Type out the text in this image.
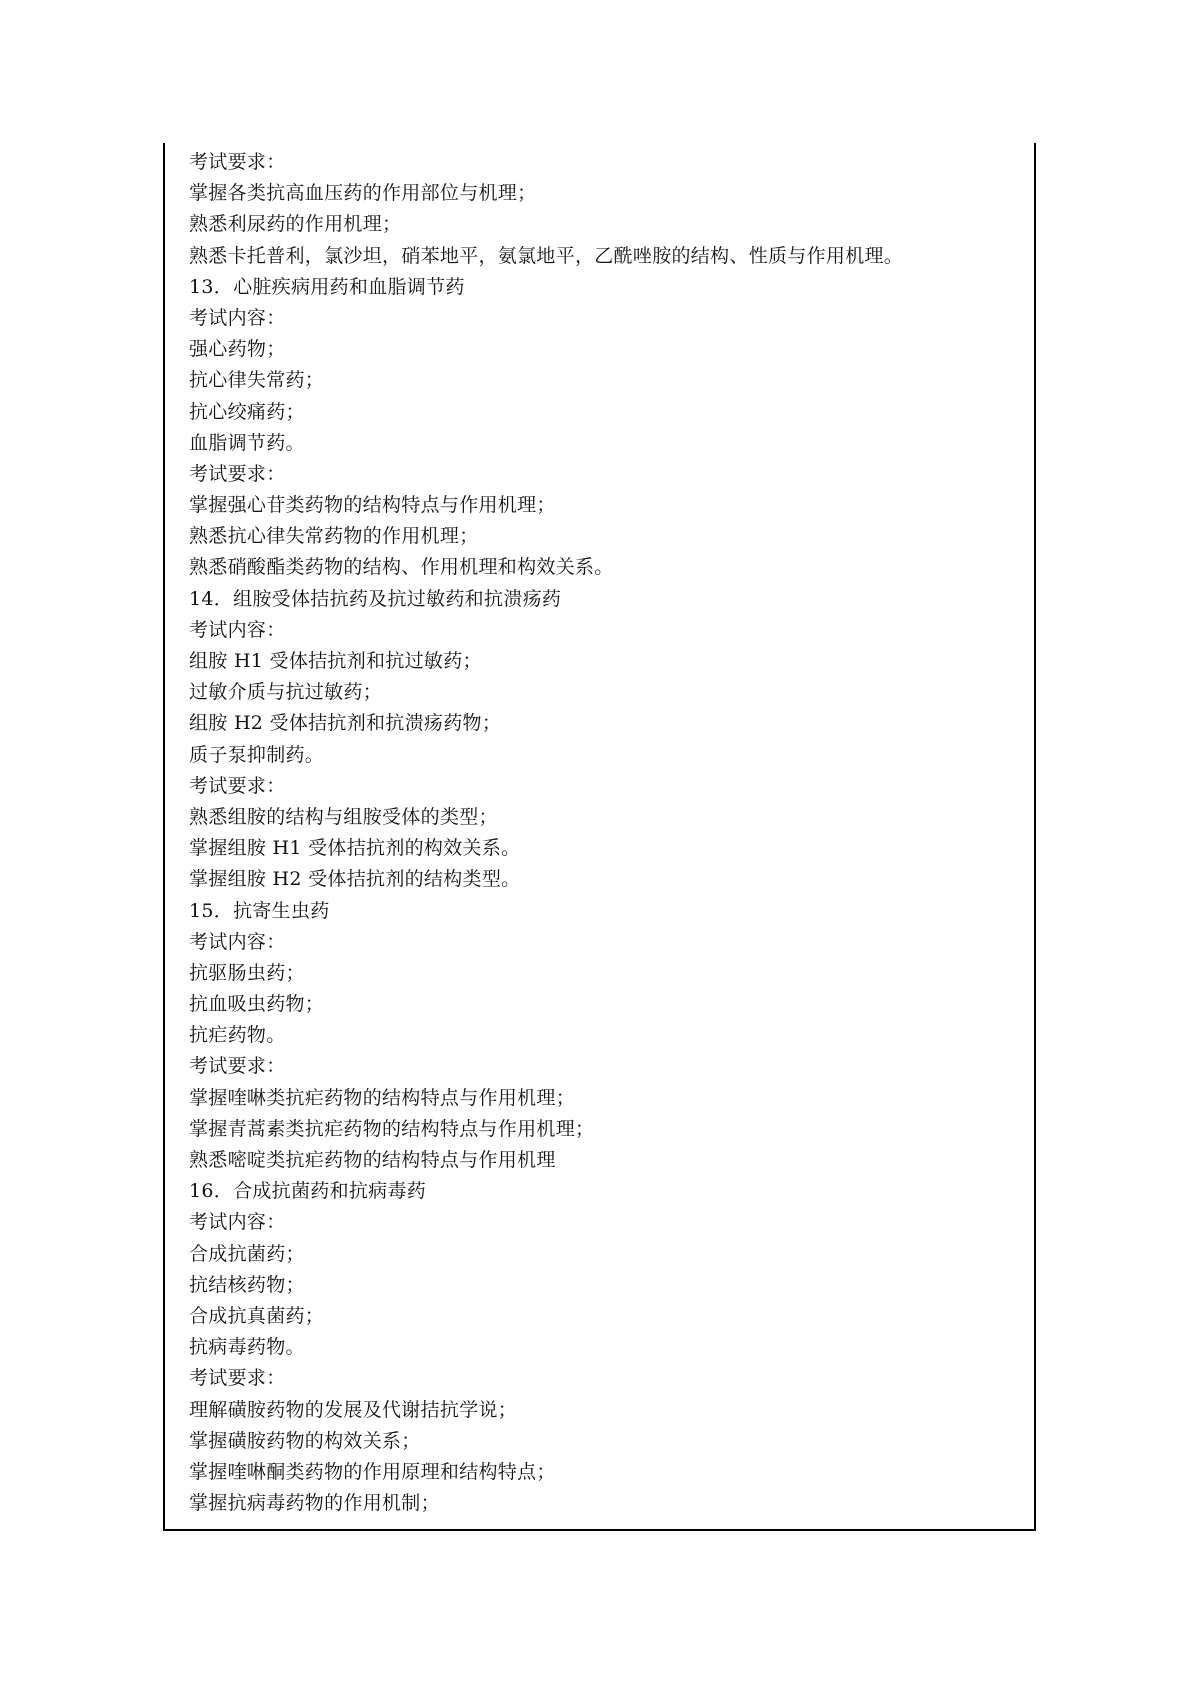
考试要求：
掌握各类抗高血压药的作用部位与机理；
熟悉利尿药的作用机理；
熟悉卡托普利，氯沙坦，硝苯地平，氨氯地平，乙酰唑胺的结构、性质与作用机理。
13．心脏疾病用药和血脂调节药
考试内容：
强心药物；
抗心律失常药；
抗心绞痛药；
血脂调节药。
考试要求：
掌握强心苷类药物的结构特点与作用机理；
熟悉抗心律失常药物的作用机理；
熟悉硝酸酯类药物的结构、作用机理和构效关系。
14．组胺受体拮抗药及抗过敏药和抗溃疡药
考试内容：
组胺 H1 受体拮抗剂和抗过敏药；
过敏介质与抗过敏药；
组胺 H2 受体拮抗剂和抗溃疡药物；
质子泵抑制药。
考试要求：
熟悉组胺的结构与组胺受体的类型；
掌握组胺 H1 受体拮抗剂的构效关系。
掌握组胺 H2 受体拮抗剂的结构类型。
15．抗寄生虫药
考试内容：
抗驱肠虫药；
抗血吸虫药物；
抗疟药物。
考试要求：
掌握喹啉类抗疟药物的结构特点与作用机理；
掌握青蒿素类抗疟药物的结构特点与作用机理；
熟悉嘧啶类抗疟药物的结构特点与作用机理
16．合成抗菌药和抗病毒药
考试内容：
合成抗菌药；
抗结核药物；
合成抗真菌药；
抗病毒药物。
考试要求：
理解磺胺药物的发展及代谢拮抗学说；
掌握磺胺药物的构效关系；
掌握喹啉酮类药物的作用原理和结构特点；
掌握抗病毒药物的作用机制；
